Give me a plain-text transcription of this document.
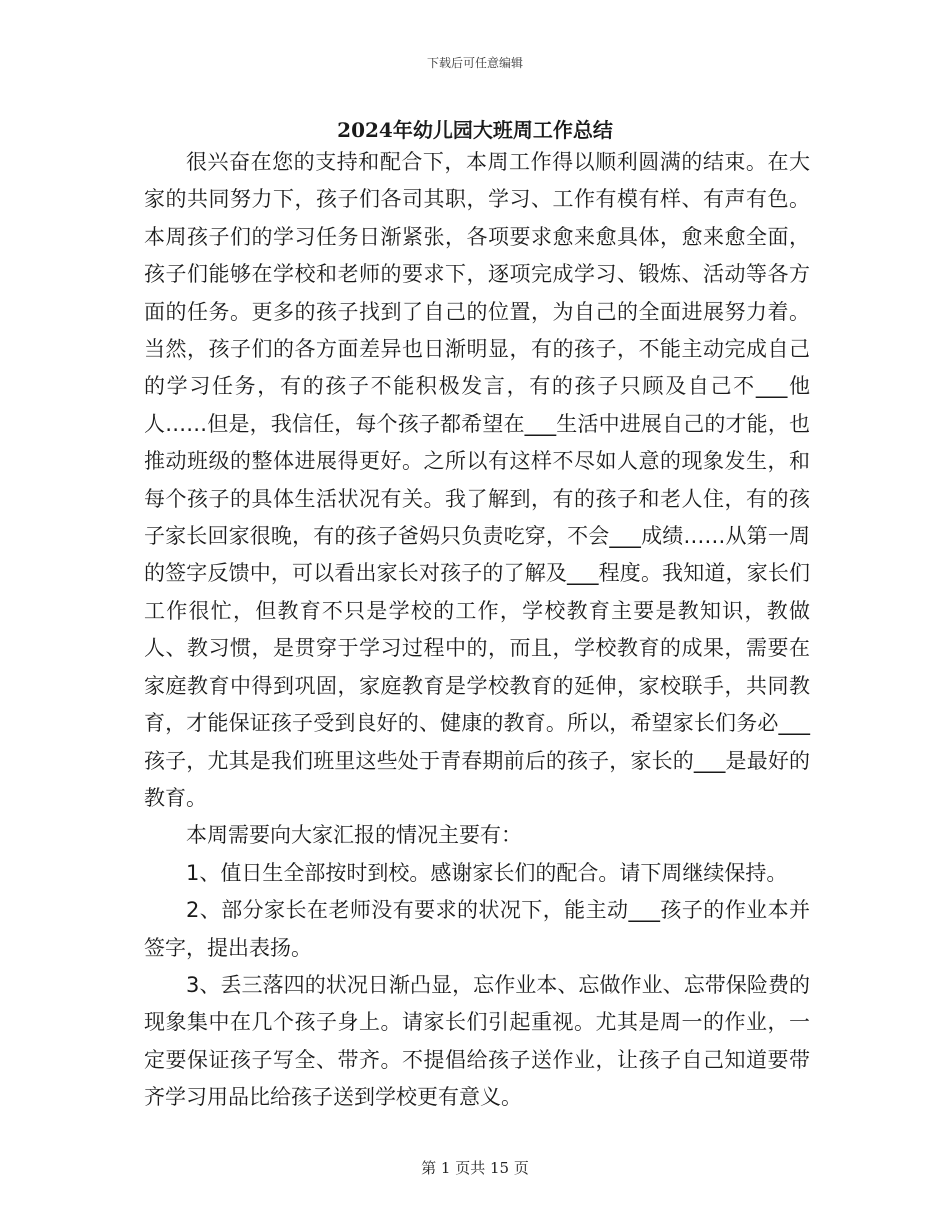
下载后可任意编辑
2024年幼儿园大班周工作总结

很兴奋在您的支持和配合下，本周工作得以顺利圆满的结束。在大家的共同努力下，孩子们各司其职，学习、工作有模有样、有声有色。本周孩子们的学习任务日渐紧张，各项要求愈来愈具体，愈来愈全面，孩子们能够在学校和老师的要求下，逐项完成学习、锻炼、活动等各方面的任务。更多的孩子找到了自己的位置，为自己的全面进展努力着。当然，孩子们的各方面差异也日渐明显，有的孩子，不能主动完成自己的学习任务，有的孩子不能积极发言，有的孩子只顾及自己不___他人……但是，我信任，每个孩子都希望在___生活中进展自己的才能，也推动班级的整体进展得更好。之所以有这样不尽如人意的现象发生，和每个孩子的具体生活状况有关。我了解到，有的孩子和老人住，有的孩子家长回家很晚，有的孩子爸妈只负责吃穿，不会___成绩……从第一周的签字反馈中，可以看出家长对孩子的了解及___程度。我知道，家长们工作很忙，但教育不只是学校的工作，学校教育主要是教知识，教做人、教习惯，是贯穿于学习过程中的，而且，学校教育的成果，需要在家庭教育中得到巩固，家庭教育是学校教育的延伸，家校联手，共同教育，才能保证孩子受到良好的、健康的教育。所以，希望家长们务必___孩子，尤其是我们班里这些处于青春期前后的孩子，家长的___是最好的教育。

本周需要向大家汇报的情况主要有：

1、值日生全部按时到校。感谢家长们的配合。请下周继续保持。

2、部分家长在老师没有要求的状况下，能主动___孩子的作业本并签字，提出表扬。

3、丢三落四的状况日渐凸显，忘作业本、忘做作业、忘带保险费的现象集中在几个孩子身上。请家长们引起重视。尤其是周一的作业，一定要保证孩子写全、带齐。不提倡给孩子送作业，让孩子自己知道要带齐学习用品比给孩子送到学校更有意义。

第 1 页共 15 页
